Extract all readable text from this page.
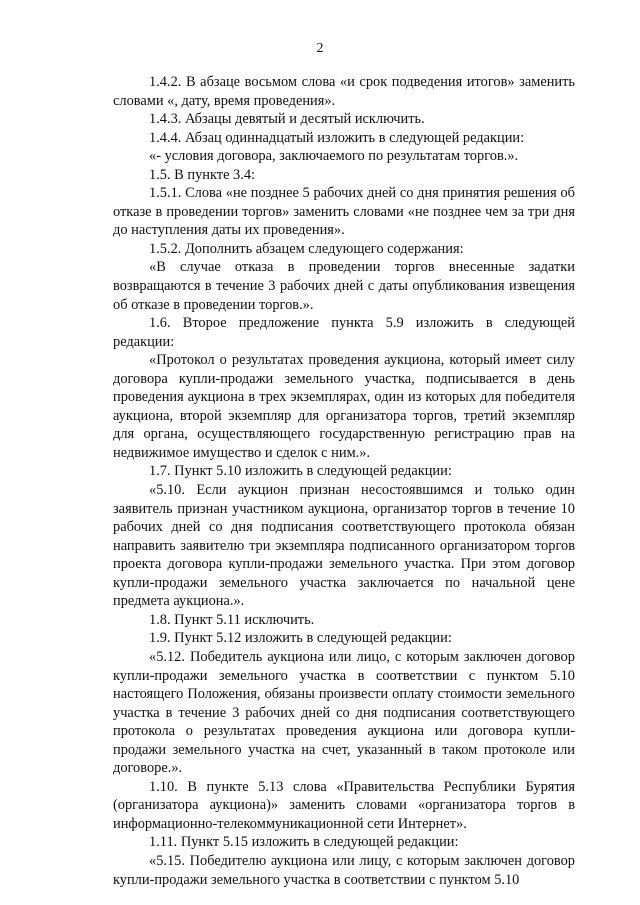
2

1.4.2. В абзаце восьмом слова «и срок подведения итогов» заменить словами «, дату, время проведения».

1.4.3. Абзацы девятый и десятый исключить.

1.4.4. Абзац одиннадцатый изложить в следующей редакции:

«- условия договора, заключаемого по результатам торгов.».

1.5. В пункте 3.4:

1.5.1. Слова «не позднее 5 рабочих дней со дня принятия решения об отказе в проведении торгов» заменить словами «не позднее чем за три дня до наступления даты их проведения».

1.5.2. Дополнить абзацем следующего содержания:

«В случае отказа в проведении торгов внесенные задатки возвращаются в течение 3 рабочих дней с даты опубликования извещения об отказе в проведении торгов.».

1.6. Второе предложение пункта 5.9 изложить в следующей редакции:

«Протокол о результатах проведения аукциона, который имеет силу договора купли-продажи земельного участка, подписывается в день проведения аукциона в трех экземплярах, один из которых для победителя аукциона, второй экземпляр для организатора торгов, третий экземпляр для органа, осуществляющего государственную регистрацию прав на недвижимое имущество и сделок с ним.».

1.7. Пункт 5.10 изложить в следующей редакции:

«5.10. Если аукцион признан несостоявшимся и только один заявитель признан участником аукциона, организатор торгов в течение 10 рабочих дней со дня подписания соответствующего протокола обязан направить заявителю три экземпляра подписанного организатором торгов проекта договора купли-продажи земельного участка. При этом договор купли-продажи земельного участка заключается по начальной цене предмета аукциона.».

1.8. Пункт 5.11 исключить.

1.9. Пункт 5.12 изложить в следующей редакции:

«5.12. Победитель аукциона или лицо, с которым заключен договор купли-продажи земельного участка в соответствии с пунктом 5.10 настоящего Положения, обязаны произвести оплату стоимости земельного участка в течение 3 рабочих дней со дня подписания соответствующего протокола о результатах проведения аукциона или договора купли-продажи земельного участка на счет, указанный в таком протоколе или договоре.».

1.10. В пункте 5.13 слова «Правительства Республики Бурятия (организатора аукциона)» заменить словами «организатора торгов в информационно-телекоммуникационной сети Интернет».

1.11. Пункт 5.15 изложить в следующей редакции:

«5.15. Победителю аукциона или лицу, с которым заключен договор купли-продажи земельного участка в соответствии с пунктом 5.10
